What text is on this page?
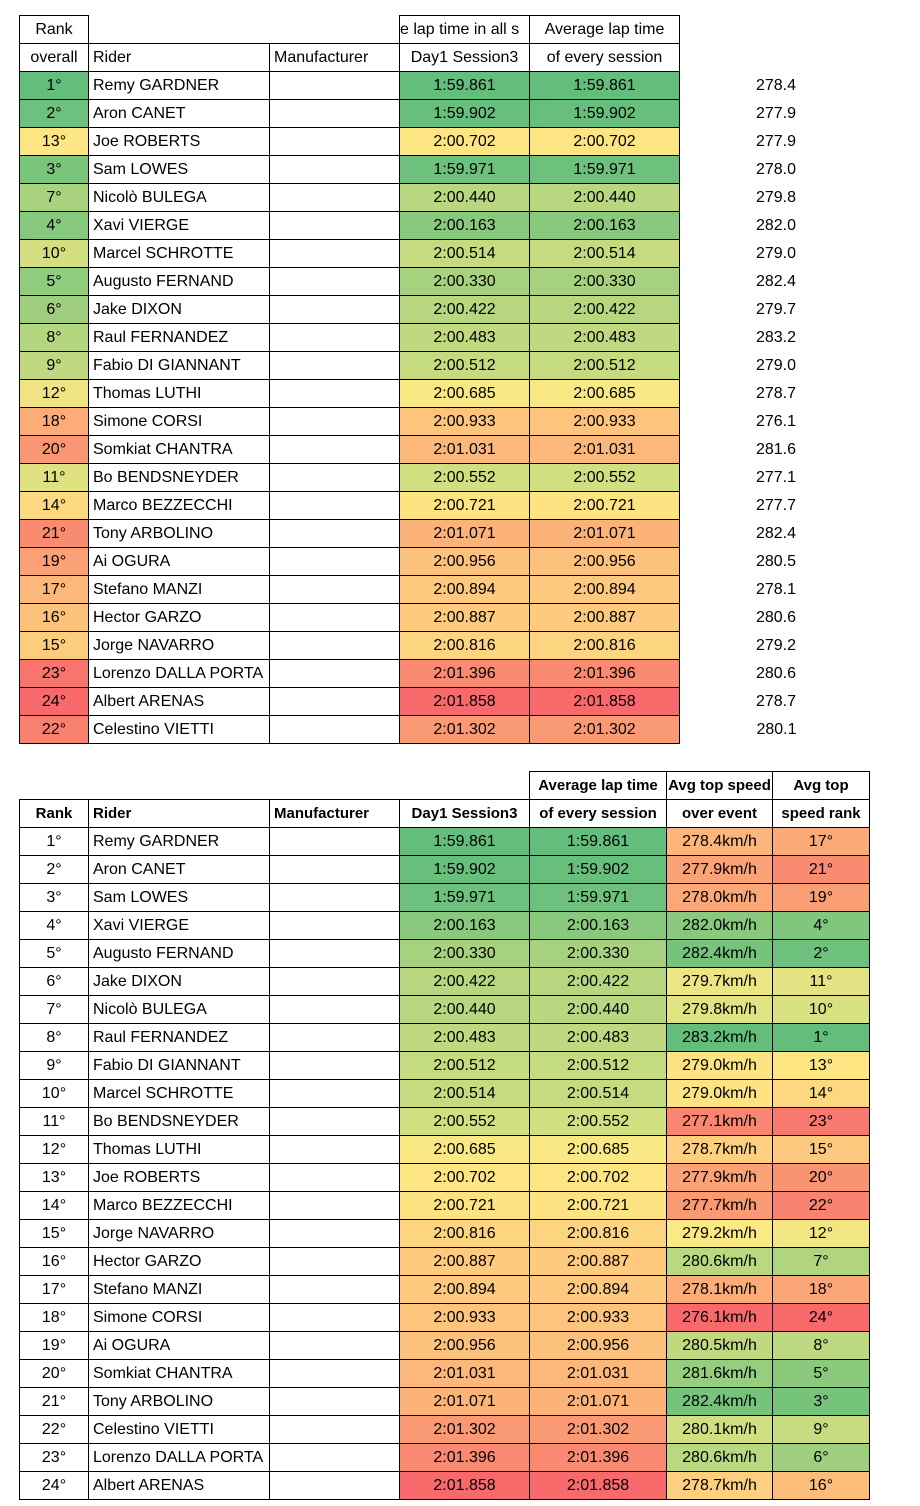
Rank			e lap time in all s	Average lap time	
overall	Rider	Manufacturer	Day1 Session3	of every session	
1°	Remy GARDNER		1:59.861	1:59.861	278.4
2°	Aron CANET		1:59.902	1:59.902	277.9
13°	Joe ROBERTS		2:00.702	2:00.702	277.9
3°	Sam LOWES		1:59.971	1:59.971	278.0
7°	Nicolò BULEGA		2:00.440	2:00.440	279.8
4°	Xavi VIERGE		2:00.163	2:00.163	282.0
10°	Marcel SCHROTTE		2:00.514	2:00.514	279.0
5°	Augusto FERNAND		2:00.330	2:00.330	282.4
6°	Jake DIXON		2:00.422	2:00.422	279.7
8°	Raul FERNANDEZ		2:00.483	2:00.483	283.2
9°	Fabio DI GIANNANT		2:00.512	2:00.512	279.0
12°	Thomas LUTHI		2:00.685	2:00.685	278.7
18°	Simone CORSI		2:00.933	2:00.933	276.1
20°	Somkiat CHANTRA		2:01.031	2:01.031	281.6
11°	Bo BENDSNEYDER		2:00.552	2:00.552	277.1
14°	Marco BEZZECCHI		2:00.721	2:00.721	277.7
21°	Tony ARBOLINO		2:01.071	2:01.071	282.4
19°	Ai OGURA		2:00.956	2:00.956	280.5
17°	Stefano MANZI		2:00.894	2:00.894	278.1
16°	Hector GARZO		2:00.887	2:00.887	280.6
15°	Jorge NAVARRO		2:00.816	2:00.816	279.2
23°	Lorenzo DALLA PORTA		2:01.396	2:01.396	280.6
24°	Albert ARENAS		2:01.858	2:01.858	278.7
22°	Celestino VIETTI		2:01.302	2:01.302	280.1
				Average lap time	Avg top speed	Avg top
Rank	Rider	Manufacturer	Day1 Session3	of every session	over event	speed rank
1°	Remy GARDNER		1:59.861	1:59.861	278.4km/h	17°
2°	Aron CANET		1:59.902	1:59.902	277.9km/h	21°
3°	Sam LOWES		1:59.971	1:59.971	278.0km/h	19°
4°	Xavi VIERGE		2:00.163	2:00.163	282.0km/h	4°
5°	Augusto FERNAND		2:00.330	2:00.330	282.4km/h	2°
6°	Jake DIXON		2:00.422	2:00.422	279.7km/h	11°
7°	Nicolò BULEGA		2:00.440	2:00.440	279.8km/h	10°
8°	Raul FERNANDEZ		2:00.483	2:00.483	283.2km/h	1°
9°	Fabio DI GIANNANT		2:00.512	2:00.512	279.0km/h	13°
10°	Marcel SCHROTTE		2:00.514	2:00.514	279.0km/h	14°
11°	Bo BENDSNEYDER		2:00.552	2:00.552	277.1km/h	23°
12°	Thomas LUTHI		2:00.685	2:00.685	278.7km/h	15°
13°	Joe ROBERTS		2:00.702	2:00.702	277.9km/h	20°
14°	Marco BEZZECCHI		2:00.721	2:00.721	277.7km/h	22°
15°	Jorge NAVARRO		2:00.816	2:00.816	279.2km/h	12°
16°	Hector GARZO		2:00.887	2:00.887	280.6km/h	7°
17°	Stefano MANZI		2:00.894	2:00.894	278.1km/h	18°
18°	Simone CORSI		2:00.933	2:00.933	276.1km/h	24°
19°	Ai OGURA		2:00.956	2:00.956	280.5km/h	8°
20°	Somkiat CHANTRA		2:01.031	2:01.031	281.6km/h	5°
21°	Tony ARBOLINO		2:01.071	2:01.071	282.4km/h	3°
22°	Celestino VIETTI		2:01.302	2:01.302	280.1km/h	9°
23°	Lorenzo DALLA PORTA		2:01.396	2:01.396	280.6km/h	6°
24°	Albert ARENAS		2:01.858	2:01.858	278.7km/h	16°
